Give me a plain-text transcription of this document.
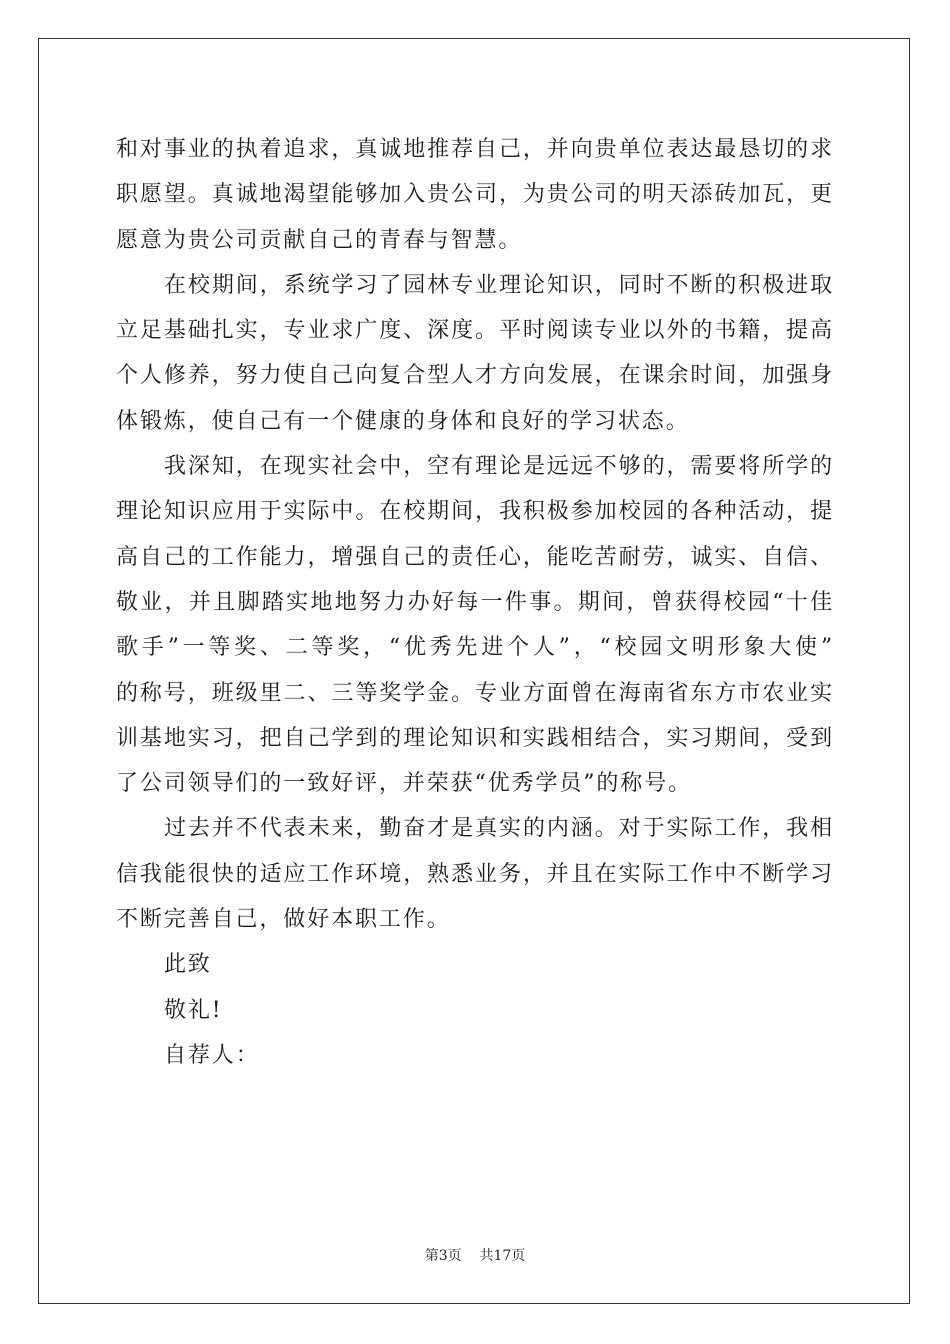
和对事业的执着追求，真诚地推荐自己，并向贵单位表达最恳切的求
职愿望。真诚地渴望能够加入贵公司，为贵公司的明天添砖加瓦，更
愿意为贵公司贡献自己的青春与智慧。
在校期间，系统学习了园林专业理论知识，同时不断的积极进取
立足基础扎实，专业求广度、深度。平时阅读专业以外的书籍，提高
个人修养，努力使自己向复合型人才方向发展，在课余时间，加强身
体锻炼，使自己有一个健康的身体和良好的学习状态。
我深知，在现实社会中，空有理论是远远不够的，需要将所学的
理论知识应用于实际中。在校期间，我积极参加校园的各种活动，提
高自己的工作能力，增强自己的责任心，能吃苦耐劳，诚实、自信、
敬业，并且脚踏实地地努力办好每一件事。期间，曾获得校园“十佳
歌手”一等奖、二等奖，“优秀先进个人”，“校园文明形象大使”
的称号，班级里二、三等奖学金。专业方面曾在海南省东方市农业实
训基地实习，把自己学到的理论知识和实践相结合，实习期间，受到
了公司领导们的一致好评，并荣获“优秀学员”的称号。
过去并不代表未来，勤奋才是真实的内涵。对于实际工作，我相
信我能很快的适应工作环境，熟悉业务，并且在实际工作中不断学习
不断完善自己，做好本职工作。
此致
敬礼!
自荐人：
第3页    共17页
